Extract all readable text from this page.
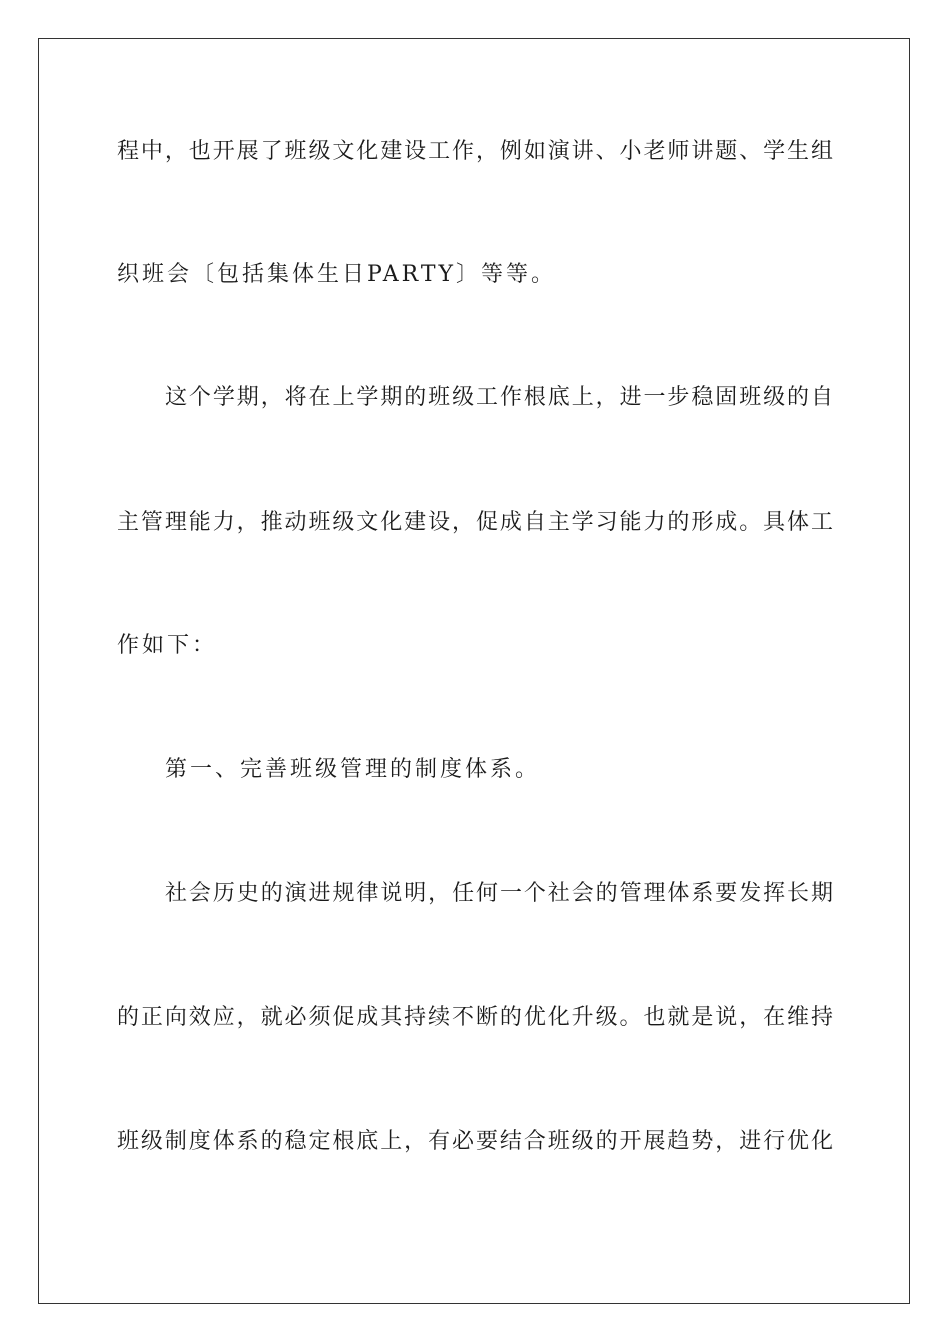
程中，也开展了班级文化建设工作，例如演讲、小老师讲题、学生组
织班会〔包括集体生日PARTY〕等等。
这个学期，将在上学期的班级工作根底上，进一步稳固班级的自
主管理能力，推动班级文化建设，促成自主学习能力的形成。具体工
作如下：
第一、完善班级管理的制度体系。
社会历史的演进规律说明，任何一个社会的管理体系要发挥长期
的正向效应，就必须促成其持续不断的优化升级。也就是说，在维持
班级制度体系的稳定根底上，有必要结合班级的开展趋势，进行优化
